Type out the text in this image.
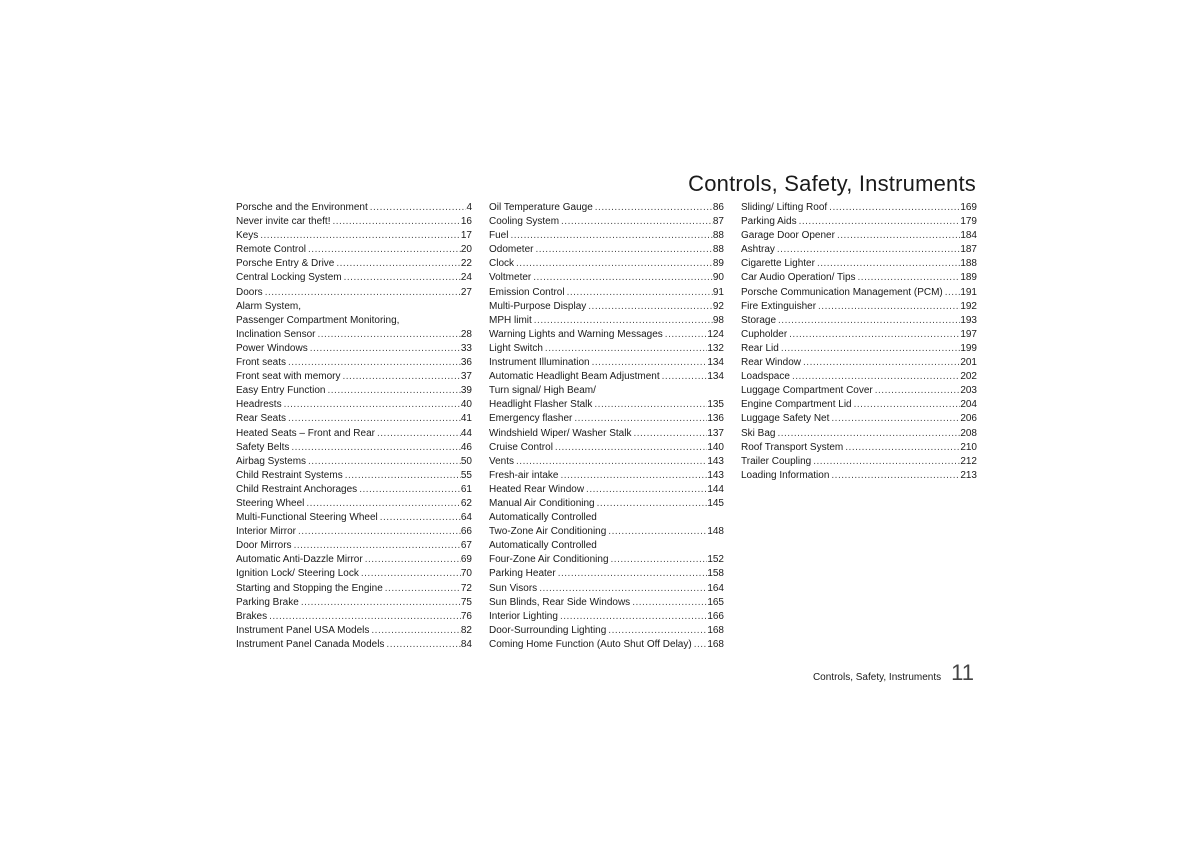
Controls, Safety, Instruments
Porsche and the Environment .....	4
Never invite car theft! .....	16
Keys .....	17
Remote Control .....	20
Porsche Entry & Drive .....	22
Central Locking System .....	24
Doors .....	27
Alarm System,
Passenger Compartment Monitoring,
Inclination Sensor .....	28
Power Windows .....	33
Front seats .....	36
Front seat with memory .....	37
Easy Entry Function .....	39
Headrests .....	40
Rear Seats .....	41
Heated Seats – Front and Rear .....	44
Safety Belts .....	46
Airbag Systems .....	50
Child Restraint Systems .....	55
Child Restraint Anchorages .....	61
Steering Wheel .....	62
Multi-Functional Steering Wheel .....	64
Interior Mirror .....	66
Door Mirrors .....	67
Automatic Anti-Dazzle Mirror .....	69
Ignition Lock/ Steering Lock .....	70
Starting and Stopping the Engine .....	72
Parking Brake .....	75
Brakes .....	76
Instrument Panel USA Models .....	82
Instrument Panel Canada Models .....	84
Oil Temperature Gauge .....	86
Cooling System .....	87
Fuel .....	88
Odometer .....	88
Clock .....	89
Voltmeter .....	90
Emission Control .....	91
Multi-Purpose Display .....	92
MPH limit .....	98
Warning Lights and Warning Messages .....	124
Light Switch .....	132
Instrument Illumination .....	134
Automatic Headlight Beam Adjustment .....	134
Turn signal/ High Beam/
Headlight Flasher Stalk .....	135
Emergency flasher .....	136
Windshield Wiper/ Washer Stalk .....	137
Cruise Control .....	140
Vents .....	143
Fresh-air intake .....	143
Heated Rear Window .....	144
Manual Air Conditioning .....	145
Automatically Controlled
Two-Zone Air Conditioning .....	148
Automatically Controlled
Four-Zone Air Conditioning .....	152
Parking Heater .....	158
Sun Visors .....	164
Sun Blinds, Rear Side Windows .....	165
Interior Lighting .....	166
Door-Surrounding Lighting .....	168
Coming Home Function (Auto Shut Off Delay) ..... 168
Sliding/ Lifting Roof .....	169
Parking Aids .....	179
Garage Door Opener .....	184
Ashtray .....	187
Cigarette Lighter .....	188
Car Audio Operation/ Tips .....	189
Porsche Communication Management (PCM) ..... 191
Fire Extinguisher .....	192
Storage .....	193
Cupholder .....	197
Rear Lid .....	199
Rear Window .....	201
Loadspace .....	202
Luggage Compartment Cover .....	203
Engine Compartment Lid .....	204
Luggage Safety Net .....	206
Ski Bag .....	208
Roof Transport System .....	210
Trailer Coupling .....	212
Loading Information .....	213
Controls, Safety, Instruments 11
